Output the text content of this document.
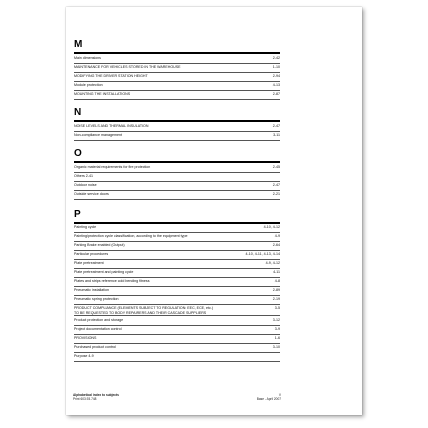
M
Main dimensions	2-42
MAINTENANCE FOR VEHICLES STORED IN THE WAREHOUSE	1-10
MODIFYING THE DRIVER STATION HEIGHT	2-94
Module protection	4-13
MOUNTING THE INSTALLATIONS	2-87
N
NOISE LEVELS AND THERMAL INSULATION	2-47
Non-compliance management	3-11
O
Organic material requirements for fire protection	2-45
Others 2-41
Outdoor noise	2-47
Outside service doors	2-21
P
Painting cycle	4-10, 4-12
Painting/protection cycle classification, according to the equipment type	4-9
Parking Brake enabled (Output)	2-64
Particular procedures	4-10, 4-11, 4-13, 4-14
Plate pretreatment	4-9, 4-12
Plate pretreatment and painting cycle	4-11
Plates and strips reference cold bending fitness	4-8
Pneumatic installation	2-89
Pneumatic spring protection	2-19
PRODUCT COMPLIANCE (ELEMENTS SUBJECT TO REGULATION: EEC, ECE, etc.)
TO BE REQUESTED TO BODY REPAIRERS AND THEIR CASCADE SUPPLIERS
3-5
Product protection and storage	3-12
Project documentation control	3-9
PROVISIONS	1-6
Purchased product control	3-10
Purpose 4-9
Alphabetical index to subjects
Print 603.93.748
V
Base - April 2007
